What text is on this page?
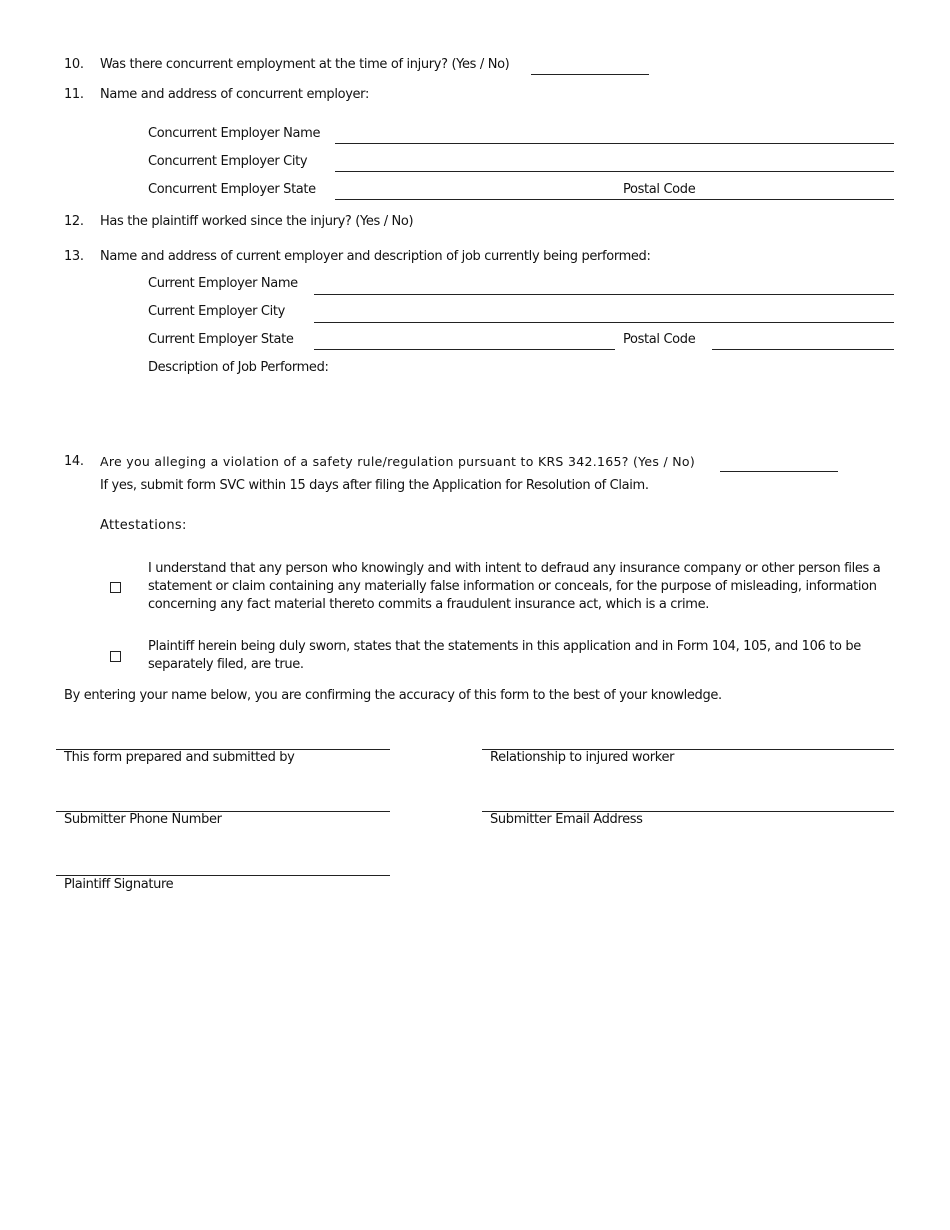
10. Was there concurrent employment at the time of injury? (Yes / No)
11. Name and address of concurrent employer:
Concurrent Employer Name
Concurrent Employer City
Concurrent Employer State	Postal Code
12. Has the plaintiff worked since the injury? (Yes / No)
13. Name and address of current employer and description of job currently being performed:
Current Employer Name
Current Employer City
Current Employer State	Postal Code
Description of Job Performed:
14. Are you alleging a violation of a safety rule/regulation pursuant to KRS 342.165? (Yes / No)
If yes, submit form SVC within 15 days after filing the Application for Resolution of Claim.
Attestations:
I understand that any person who knowingly and with intent to defraud any insurance company or other person files a statement or claim containing any materially false information or conceals, for the purpose of misleading, information concerning any fact material thereto commits a fraudulent insurance act, which is a crime.
Plaintiff herein being duly sworn, states that the statements in this application and in Form 104, 105, and 106 to be separately filed, are true.
By entering your name below, you are confirming the accuracy of this form to the best of your knowledge.
This form prepared and submitted by	Relationship to injured worker
Submitter Phone Number	Submitter Email Address
Plaintiff Signature
